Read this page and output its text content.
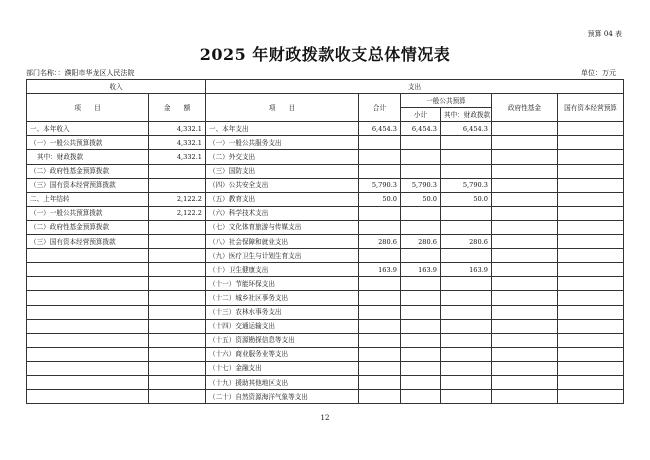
预算 04 表
2025 年财政拨款收支总体情况表
部门名称：：濮阳市华龙区人民法院	单位：万元
收入		支出					
项　　目	金　　额	项　　目	合计	一般公共预算		政府性基金	国有资本经营预算
				小计	其中：财政拨款		
一、本年收入	4,332.1	一、本年支出	6,454.3	6,454.3	6,454.3		
（一）一般公共预算拨款	4,332.1	（一）一般公共服务支出					
其中：财政拨款	4,332.1	（二）外交支出					
（二）政府性基金预算拨款		（三）国防支出					
（三）国有资本经营预算拨款		（四）公共安全支出	5,790.3	5,790.3	5,790.3		
二、上年结转	2,122.2	（五）教育支出	50.0	50.0	50.0		
（一）一般公共预算拨款	2,122.2	（六）科学技术支出					
（二）政府性基金预算拨款		（七）文化体育旅游与传媒支出					
（三）国有资本经营预算拨款		（八）社会保障和就业支出	280.6	280.6	280.6		
		（九）医疗卫生与计划生育支出					
		（十）卫生健康支出	163.9	163.9	163.9		
		（十一）节能环保支出					
		（十二）城乡社区事务支出					
		（十三）农林水事务支出					
		（十四）交通运输支出					
		（十五）资源勘探信息等支出					
		（十六）商业服务业等支出					
		（十七）金融支出					
		（十九）援助其他地区支出					
		（二十）自然资源海洋气象等支出					
12
